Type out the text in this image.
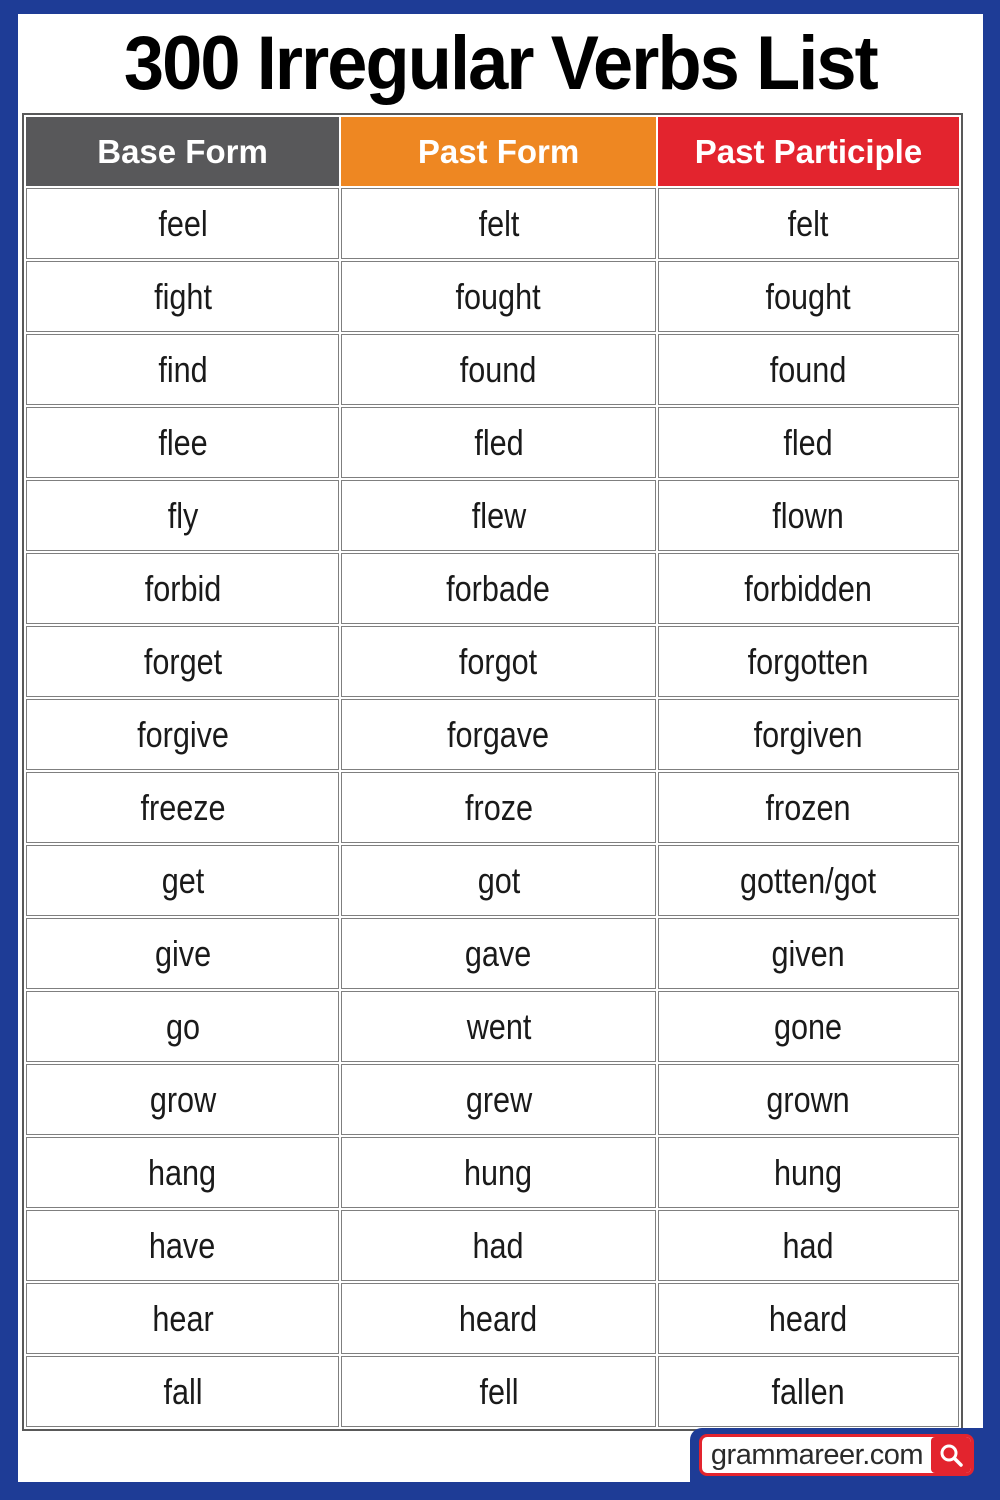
300 Irregular Verbs List
Base Form	Past Form	Past Participle
feel	felt	felt
fight	fought	fought
find	found	found
flee	fled	fled
fly	flew	flown
forbid	forbade	forbidden
forget	forgot	forgotten
forgive	forgave	forgiven
freeze	froze	frozen
get	got	gotten/got
give	gave	given
go	went	gone
grow	grew	grown
hang	hung	hung
have	had	had
hear	heard	heard
fall	fell	fallen
grammareer.com
